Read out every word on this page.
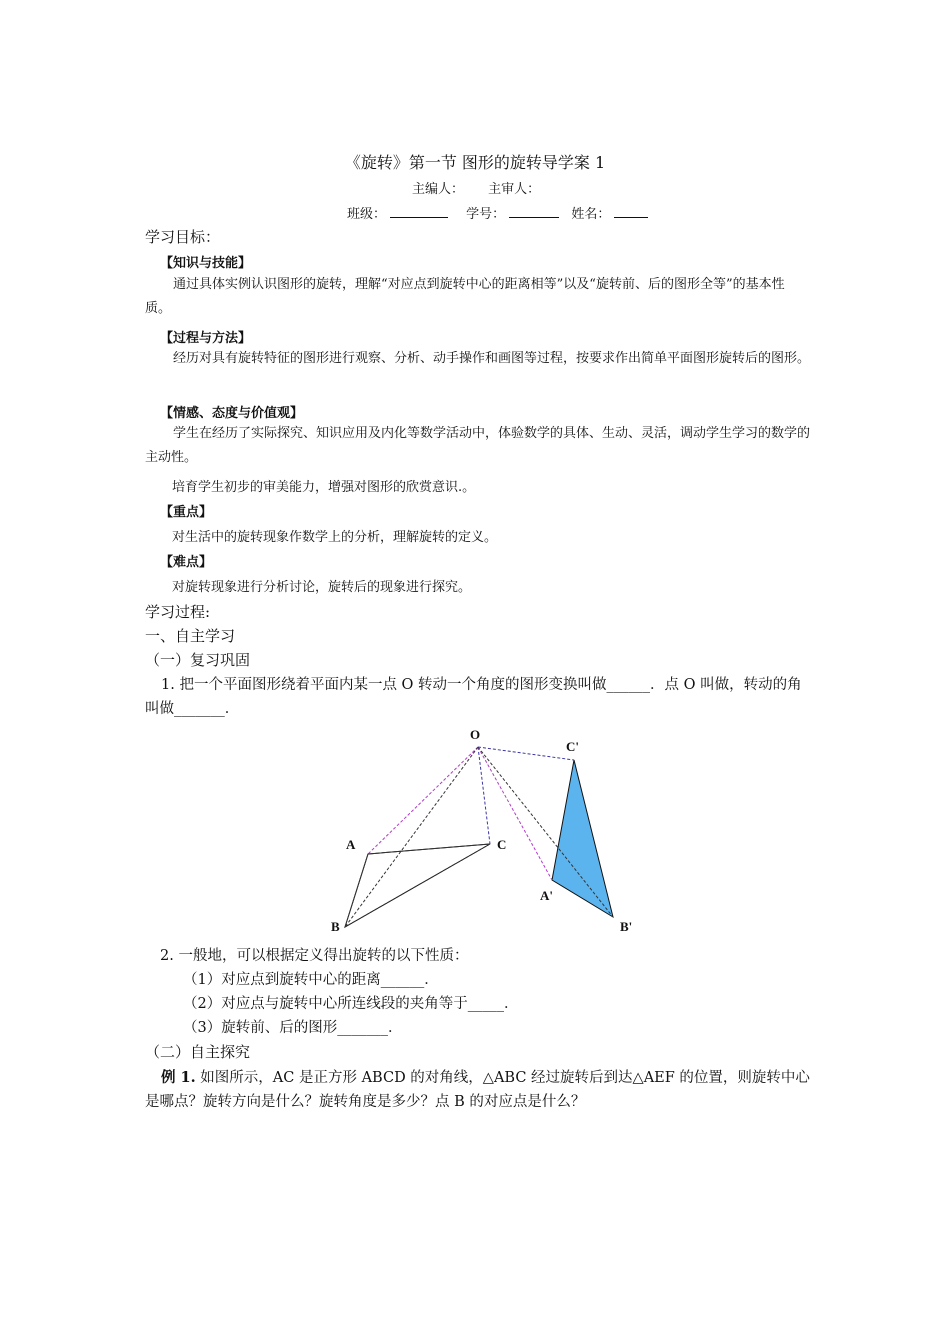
《旋转》第一节 图形的旋转导学案 1
主编人： 主审人：
班级：	学号：	姓名：
学习目标：
【知识与技能】
通过具体实例认识图形的旋转，理解“对应点到旋转中心的距离相等”以及“旋转前、后的图形全等”的基本性质。
【过程与方法】
经历对具有旋转特征的图形进行观察、分析、动手操作和画图等过程，按要求作出简单平面图形旋转后的图形。
【情感、态度与价值观】
学生在经历了实际探究、知识应用及内化等数学活动中，体验数学的具体、生动、灵活，调动学生学习的数学的主动性。
培育学生初步的审美能力，增强对图形的欣赏意识.。
【重点】
对生活中的旋转现象作数学上的分析，理解旋转的定义。
【难点】
对旋转现象进行分析讨论，旋转后的现象进行探究。
学习过程:
一、自主学习
（一）复习巩固
1. 把一个平面图形绕着平面内某一点 O 转动一个角度的图形变换叫做______．点 O 叫做，转动的角叫做_______．
O
A
B
C
A'
B'
C'
2. 一般地，可以根据定义得出旋转的以下性质：
（1）对应点到旋转中心的距离______．
（2）对应点与旋转中心所连线段的夹角等于_____．
（3）旋转前、后的图形_______．
（二）自主探究
例 1. 如图所示，AC 是正方形 ABCD 的对角线，△ABC 经过旋转后到达△AEF 的位置，则旋转中心是哪点？旋转方向是什么？旋转角度是多少？点 B 的对应点是什么？
